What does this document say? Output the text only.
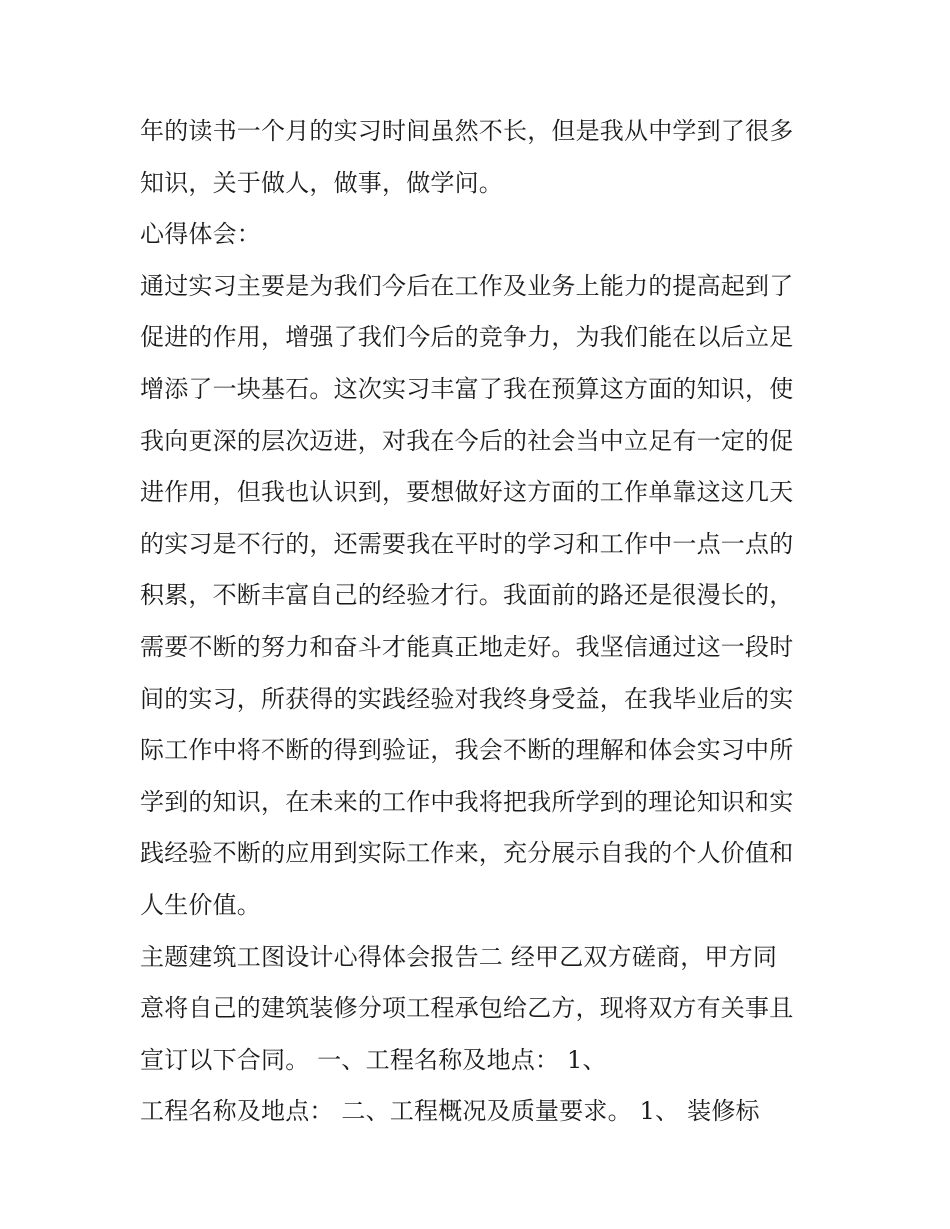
年的读书一个月的实习时间虽然不长，但是我从中学到了很多
知识，关于做人，做事，做学问。
心得体会：
通过实习主要是为我们今后在工作及业务上能力的提高起到了
促进的作用，增强了我们今后的竞争力，为我们能在以后立足
增添了一块基石。这次实习丰富了我在预算这方面的知识，使
我向更深的层次迈进，对我在今后的社会当中立足有一定的促
进作用，但我也认识到，要想做好这方面的工作单靠这这几天
的实习是不行的，还需要我在平时的学习和工作中一点一点的
积累，不断丰富自己的经验才行。我面前的路还是很漫长的，
需要不断的努力和奋斗才能真正地走好。我坚信通过这一段时
间的实习，所获得的实践经验对我终身受益，在我毕业后的实
际工作中将不断的得到验证，我会不断的理解和体会实习中所
学到的知识，在未来的工作中我将把我所学到的理论知识和实
践经验不断的应用到实际工作来，充分展示自我的个人价值和
人生价值。
主题建筑工图设计心得体会报告二 经甲乙双方磋商，甲方同
意将自己的建筑装修分项工程承包给乙方，现将双方有关事且
宣订以下合同。 一、工程名称及地点： 1、
工程名称及地点： 二、工程概况及质量要求。 1、 装修标
